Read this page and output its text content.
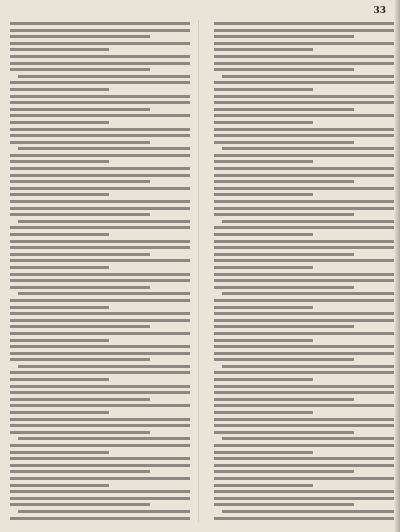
33
